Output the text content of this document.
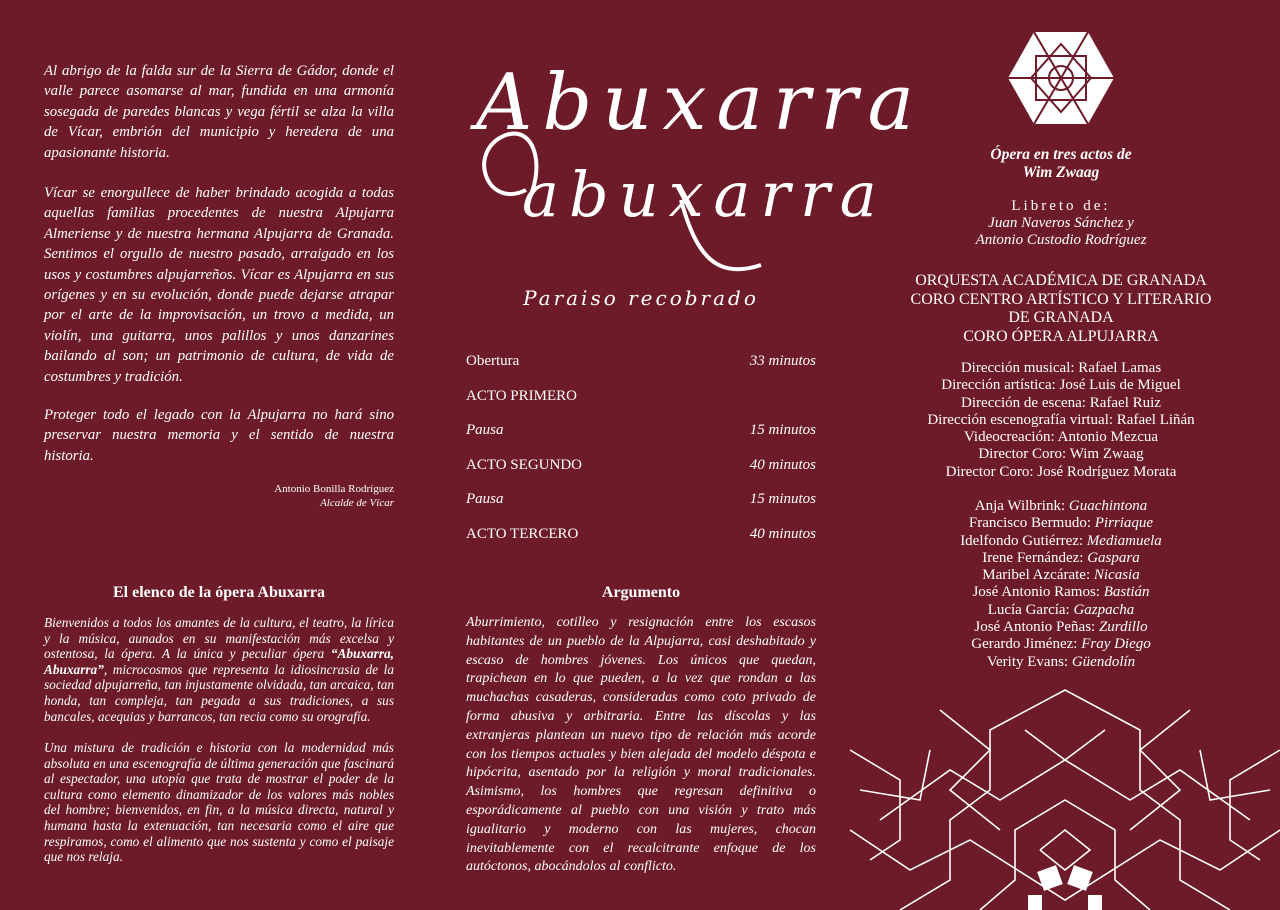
Al abrigo de la falda sur de la Sierra de Gádor, donde el valle parece asomarse al mar, fundida en una armonía sosegada de paredes blancas y vega fértil se alza la villa de Vícar, embrión del municipio y heredera de una apasionante historia.

Vícar se enorgullece de haber brindado acogida a todas aquellas familias procedentes de nuestra Alpujarra Almeriense y de nuestra hermana Alpujarra de Granada. Sentimos el orgullo de nuestro pasado, arraigado en los usos y costumbres alpujarreños. Vícar es Alpujarra en sus orígenes y en su evolución, donde puede dejarse atrapar por el arte de la improvisación, un trovo a medida, un violín, una guitarra, unos palillos y unos danzarines bailando al son; un patrimonio de cultura, de vida de costumbres y tradición.

Proteger todo el legado con la Alpujarra no hará sino preservar nuestra memoria y el sentido de nuestra historia.

Antonio Bonilla Rodríguez
Alcalde de Vícar
El elenco de la ópera Abuxarra

Bienvenidos a todos los amantes de la cultura, el teatro, la lírica y la música, aunados en su manifestación más excelsa y ostentosa, la ópera. A la única y peculiar ópera “Abuxarra, Abuxarra”, microcosmos que representa la idiosincrasia de la sociedad alpujarreña, tan injustamente olvidada, tan arcaica, tan honda, tan compleja, tan pegada a sus tradiciones, a sus bancales, acequias y barrancos, tan recia como su orografía.

Una mistura de tradición e historia con la modernidad más absoluta en una escenografía de última generación que fascinará al espectador, una utopía que trata de mostrar el poder de la cultura como elemento dinamizador de los valores más nobles del hombre; bienvenidos, en fin, a la música directa, natural y humana hasta la extenuación, tan necesaria como el aire que respiramos, como el alimento que nos sustenta y como el paisaje que nos relaja.

Abuxarra
abuxarra
Paraiso recobrado
Obertura	33 minutos
ACTO PRIMERO
Pausa	15 minutos
ACTO SEGUNDO	40 minutos
Pausa	15 minutos
ACTO TERCERO	40 minutos
Argumento

Aburrimiento, cotilleo y resignación entre los escasos habitantes de un pueblo de la Alpujarra, casi deshabitado y escaso de hombres jóvenes. Los únicos que quedan, trapichean en lo que pueden, a la vez que rondan a las muchachas casaderas, consideradas como coto privado de forma abusiva y arbitraria. Entre las díscolas y las extranjeras plantean un nuevo tipo de relación más acorde con los tiempos actuales y bien alejada del modelo déspota e hipócrita, asentado por la religión y moral tradicionales. Asimismo, los hombres que regresan definitiva o esporádicamente al pueblo con una visión y trato más igualitario y moderno con las mujeres, chocan inevitablemente con el recalcitrante enfoque de los autóctonos, abocándolos al conflicto.

Ópera en tres actos de
Wim Zwaag
Libreto de:
Juan Naveros Sánchez y
Antonio Custodio Rodríguez
ORQUESTA ACADÉMICA DE GRANADA
CORO CENTRO ARTÍSTICO Y LITERARIO
DE GRANADA
CORO ÓPERA ALPUJARRA
Dirección musical: Rafael Lamas
Dirección artística: José Luis de Miguel
Dirección de escena: Rafael Ruiz
Dirección escenografía virtual: Rafael Liñán
Videocreación: Antonio Mezcua
Director Coro: Wim Zwaag
Director Coro: José Rodríguez Morata
Anja Wilbrink: Guachintona
Francisco Bermudo: Pirriaque
Idelfondo Gutiérrez: Mediamuela
Irene Fernández: Gaspara
Maribel Azcárate: Nicasia
José Antonio Ramos: Bastián
Lucía García: Gazpacha
José Antonio Peñas: Zurdillo
Gerardo Jiménez: Fray Diego
Verity Evans: Güendolín
